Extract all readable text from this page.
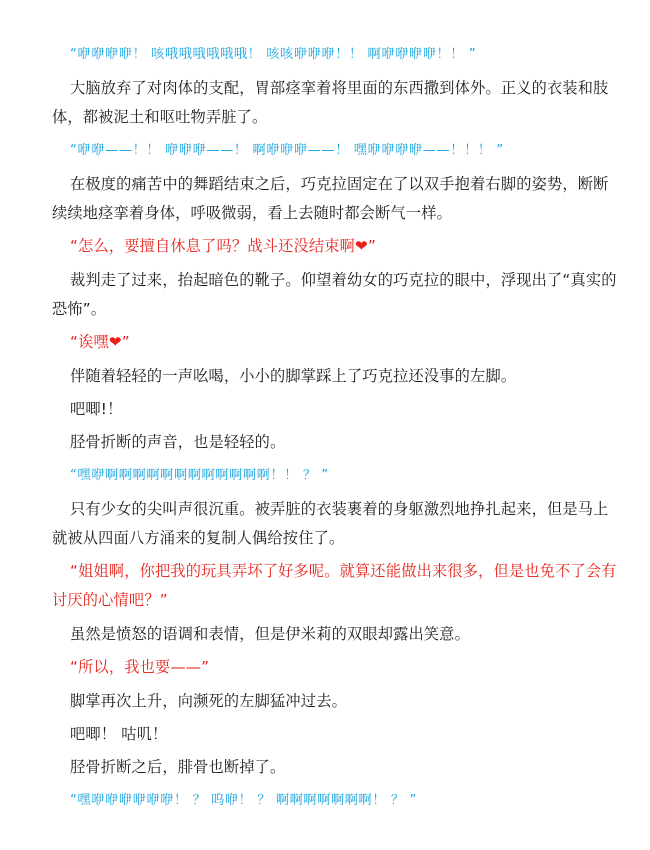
“咿咿咿咿！ 咳哦哦哦哦哦哦！ 咳咳咿咿咿！！ 啊咿咿咿咿！！ ”

大脑放弃了对肉体的支配，胃部痉挛着将里面的东西撒到体外。正义的衣装和肢体，都被泥土和呕吐物弄脏了。

“咿咿——！！ 咿咿咿——！ 啊咿咿咿——！ 嘿咿咿咿咿——！！！ ”

在极度的痛苦中的舞蹈结束之后，巧克拉固定在了以双手抱着右脚的姿势，断断续续地痉挛着身体，呼吸微弱，看上去随时都会断气一样。

“怎么，要擅自休息了吗？战斗还没结束啊❤”

裁判走了过来，抬起暗色的靴子。仰望着幼女的巧克拉的眼中，浮现出了“真实的恐怖”。

“诶嘿❤”

伴随着轻轻的一声吆喝，小小的脚掌踩上了巧克拉还没事的左脚。

吧唧!！

胫骨折断的声音，也是轻轻的。

“嘿咿啊啊啊啊啊啊啊啊啊啊啊啊！！ ？ ”

只有少女的尖叫声很沉重。被弄脏的衣装裹着的身躯激烈地挣扎起来，但是马上就被从四面八方涌来的复制人偶给按住了。

“姐姐啊，你把我的玩具弄坏了好多呢。就算还能做出来很多，但是也免不了会有讨厌的心情吧？”

虽然是愤怒的语调和表情，但是伊米莉的双眼却露出笑意。

“所以，我也要——”

脚掌再次上升，向濒死的左脚猛冲过去。

吧唧！ 咕叽！

胫骨折断之后，腓骨也断掉了。

“嘿咿咿咿咿咿咿！ ？ 呜咿！ ？ 啊啊啊啊啊啊啊！ ？ ”
